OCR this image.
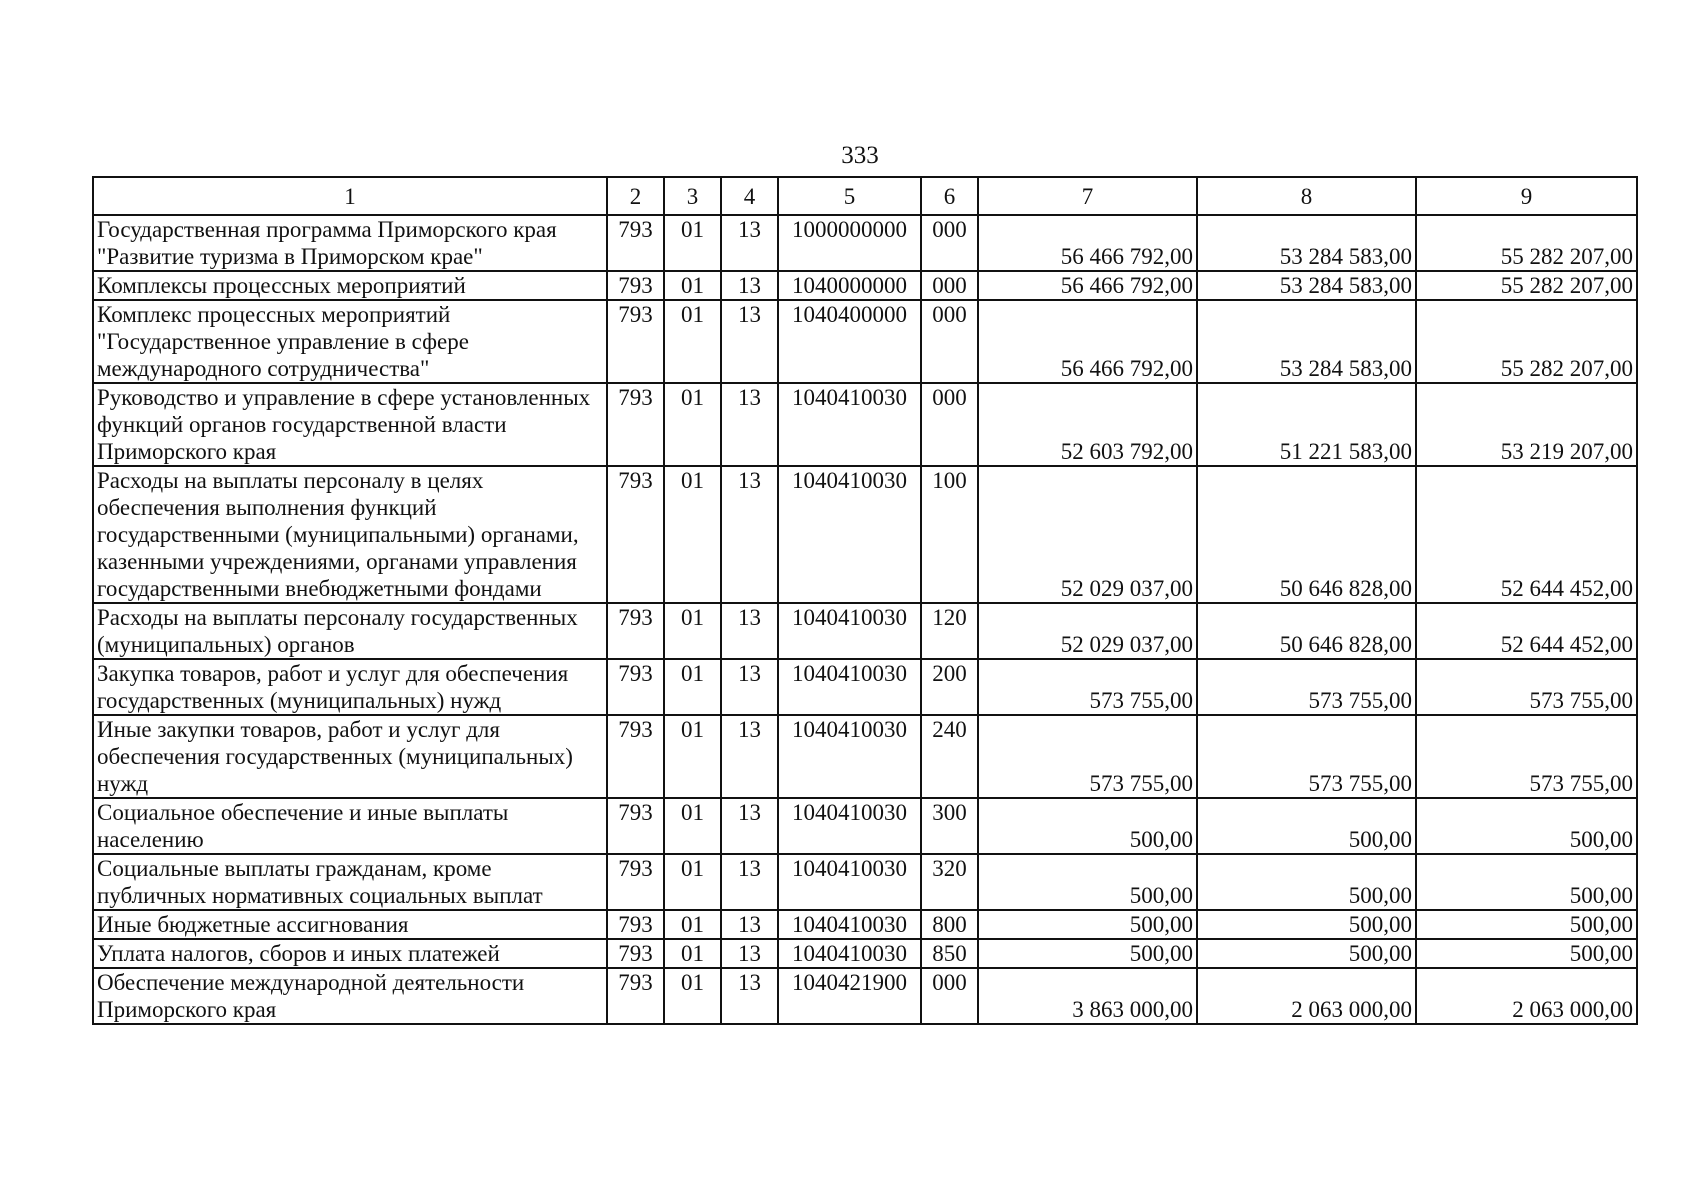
333
1	2	3	4	5	6	7	8	9
Государственная программа Приморского края "Развитие туризма в Приморском крае"	793	01	13	1000000000	000	56 466 792,00	53 284 583,00	55 282 207,00
Комплексы процессных мероприятий	793	01	13	1040000000	000	56 466 792,00	53 284 583,00	55 282 207,00
Комплекс процессных мероприятий "Государственное управление в сфере международного сотрудничества"	793	01	13	1040400000	000	56 466 792,00	53 284 583,00	55 282 207,00
Руководство и управление в сфере установленных функций органов государственной власти Приморского края	793	01	13	1040410030	000	52 603 792,00	51 221 583,00	53 219 207,00
Расходы на выплаты персоналу в целях обеспечения выполнения функций государственными (муниципальными) органами, казенными учреждениями, органами управления государственными внебюджетными фондами	793	01	13	1040410030	100	52 029 037,00	50 646 828,00	52 644 452,00
Расходы на выплаты персоналу государственных (муниципальных) органов	793	01	13	1040410030	120	52 029 037,00	50 646 828,00	52 644 452,00
Закупка товаров, работ и услуг для обеспечения государственных (муниципальных) нужд	793	01	13	1040410030	200	573 755,00	573 755,00	573 755,00
Иные закупки товаров, работ и услуг для обеспечения государственных (муниципальных) нужд	793	01	13	1040410030	240	573 755,00	573 755,00	573 755,00
Социальное обеспечение и иные выплаты населению	793	01	13	1040410030	300	500,00	500,00	500,00
Социальные выплаты гражданам, кроме публичных нормативных социальных выплат	793	01	13	1040410030	320	500,00	500,00	500,00
Иные бюджетные ассигнования	793	01	13	1040410030	800	500,00	500,00	500,00
Уплата налогов, сборов и иных платежей	793	01	13	1040410030	850	500,00	500,00	500,00
Обеспечение международной деятельности Приморского края	793	01	13	1040421900	000	3 863 000,00	2 063 000,00	2 063 000,00
